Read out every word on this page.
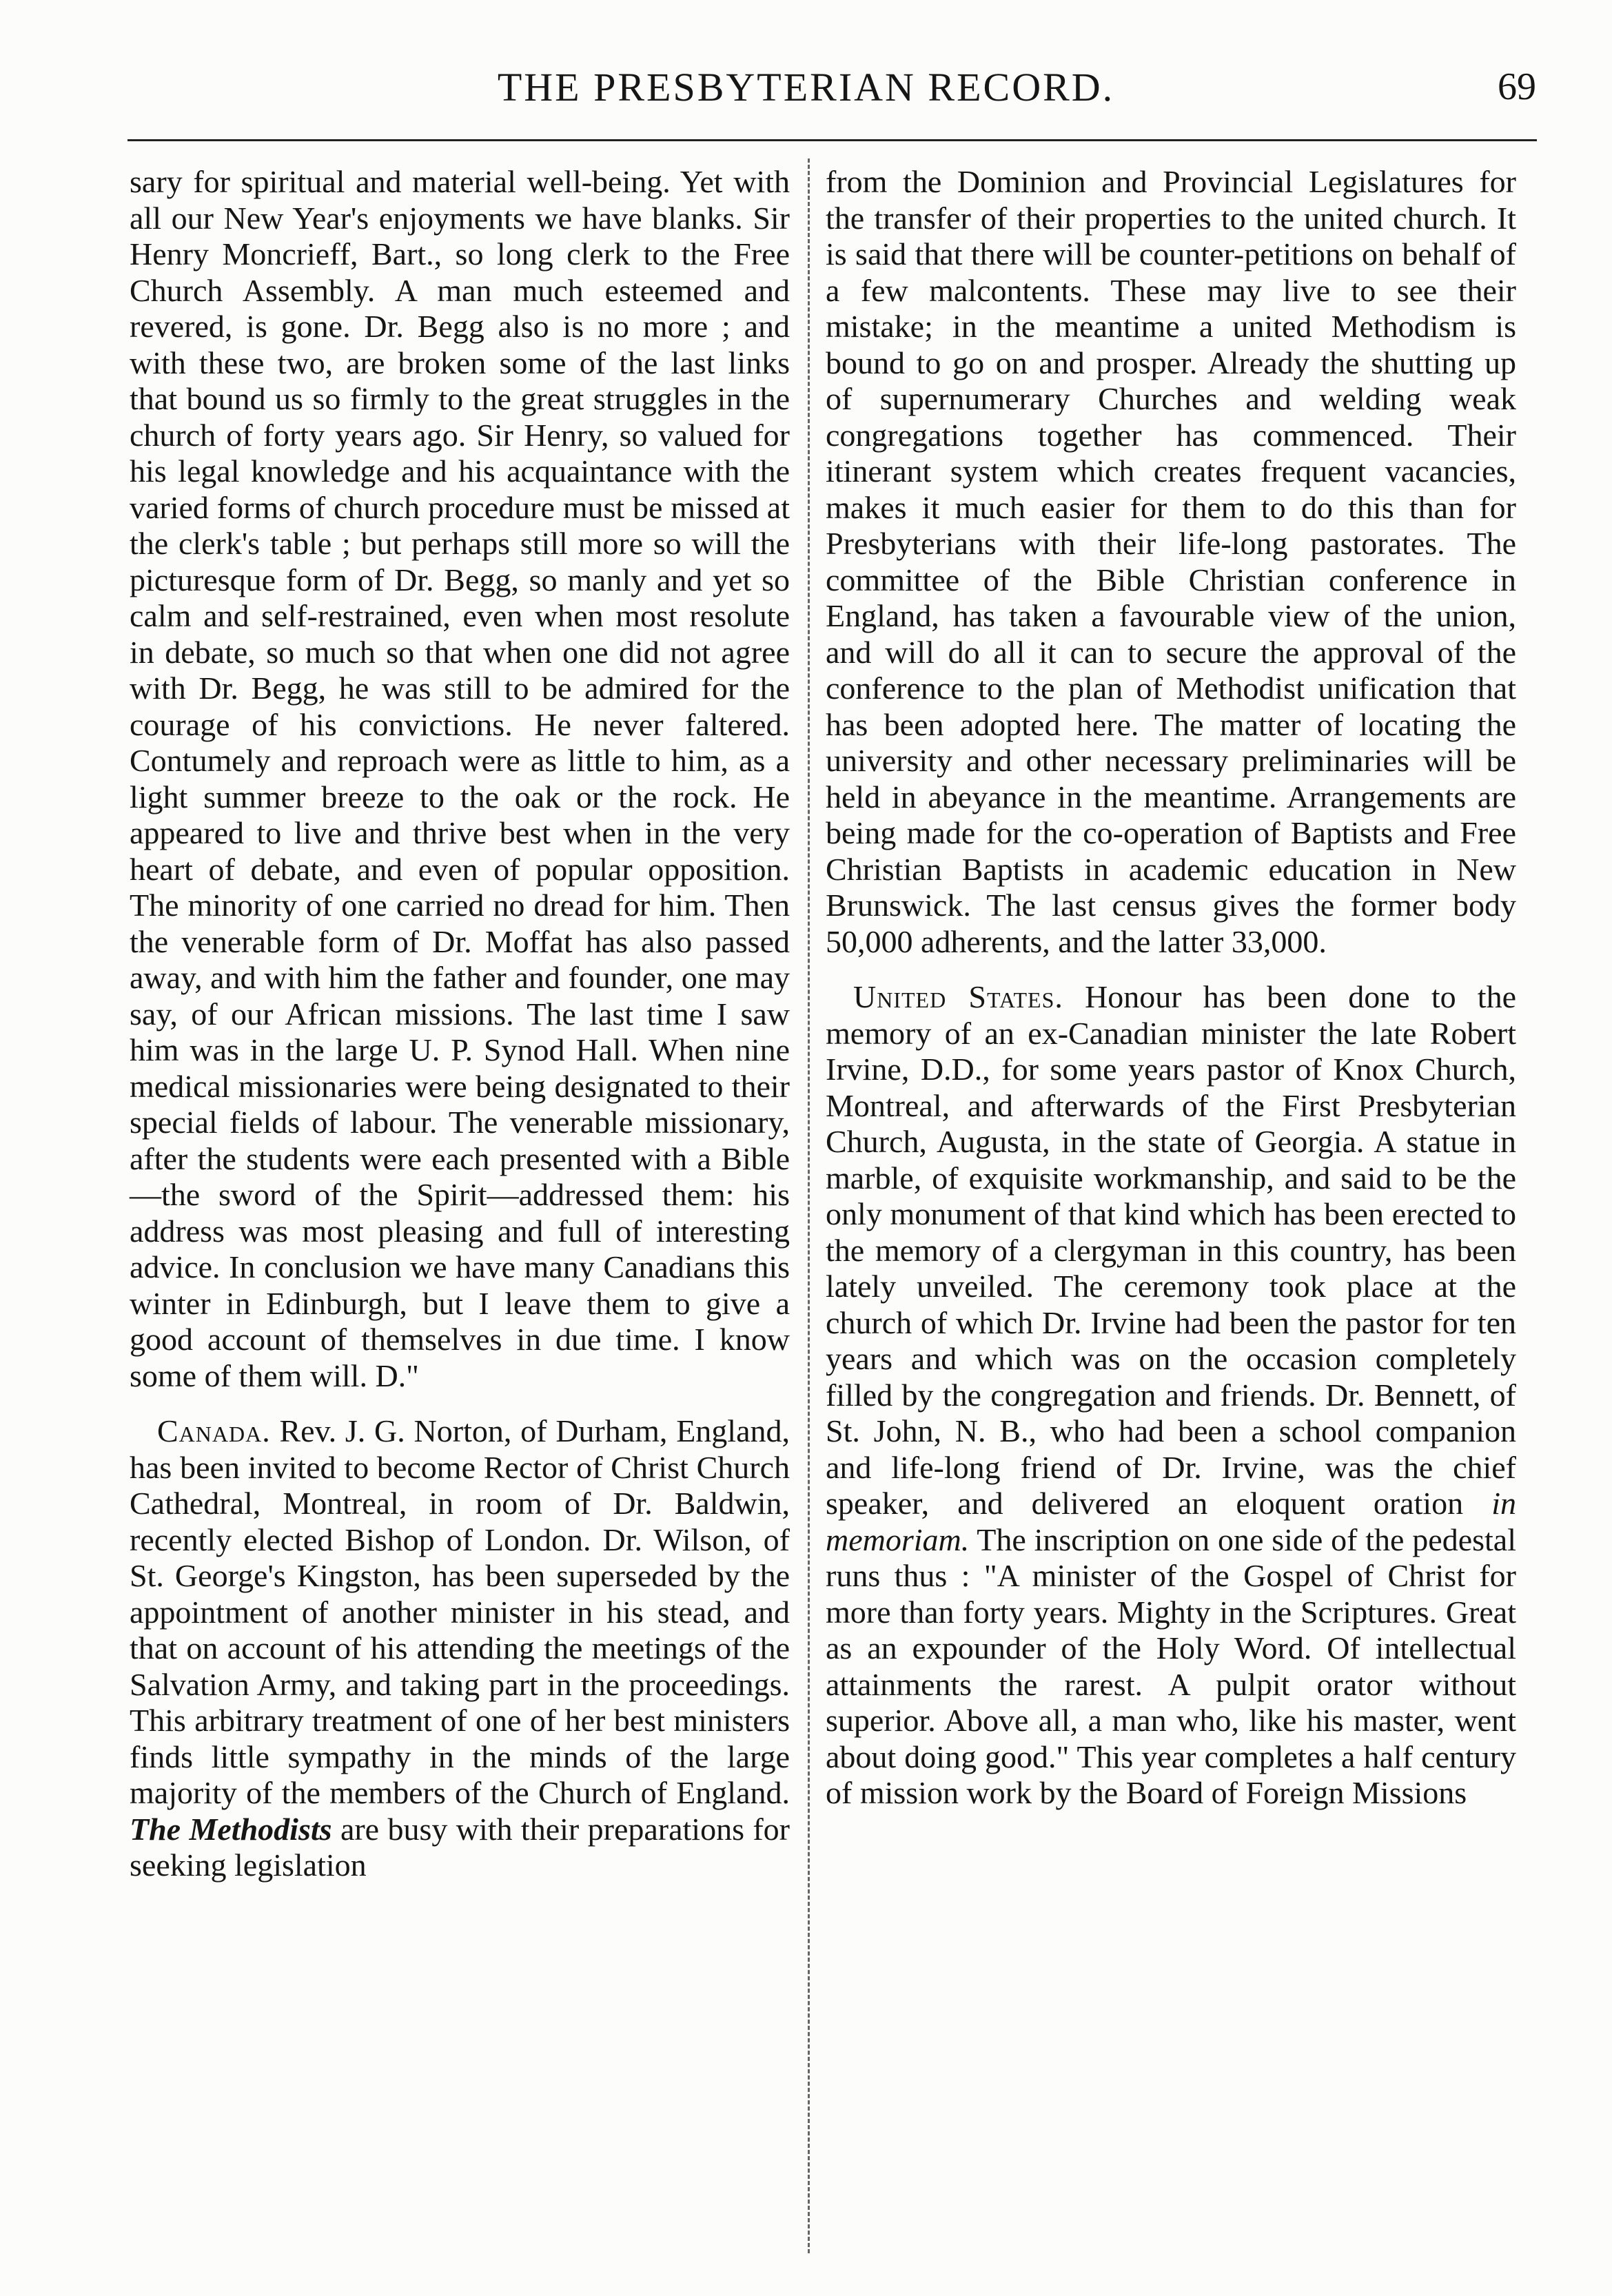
THE PRESBYTERIAN RECORD.	69

sary for spiritual and material well-being. Yet with all our New Year's enjoyments we have blanks. Sir Henry Moncrieff, Bart., so long clerk to the Free Church Assembly. A man much esteemed and revered, is gone. Dr. Begg also is no more ; and with these two, are broken some of the last links that bound us so firmly to the great struggles in the church of forty years ago. Sir Henry, so valued for his legal knowledge and his acquaintance with the varied forms of church procedure must be missed at the clerk's table ; but perhaps still more so will the picturesque form of Dr. Begg, so manly and yet so calm and self-restrained, even when most resolute in debate, so much so that when one did not agree with Dr. Begg, he was still to be admired for the courage of his convictions. He never faltered. Contumely and reproach were as little to him, as a light summer breeze to the oak or the rock. He appeared to live and thrive best when in the very heart of debate, and even of popular opposition. The minority of one carried no dread for him. Then the venerable form of Dr. Moffat has also passed away, and with him the father and founder, one may say, of our African missions. The last time I saw him was in the large U. P. Synod Hall. When nine medical missionaries were being designated to their special fields of labour. The venerable missionary, after the students were each presented with a Bible—the sword of the Spirit—addressed them: his address was most pleasing and full of interesting advice. In conclusion we have many Canadians this winter in Edinburgh, but I leave them to give a good account of themselves in due time. I know some of them will. D."

Canada. Rev. J. G. Norton, of Durham, England, has been invited to become Rector of Christ Church Cathedral, Montreal, in room of Dr. Baldwin, recently elected Bishop of London. Dr. Wilson, of St. George's Kingston, has been superseded by the appointment of another minister in his stead, and that on account of his attending the meetings of the Salvation Army, and taking part in the proceedings. This arbitrary treatment of one of her best ministers finds little sympathy in the minds of the large majority of the members of the Church of England. The Methodists are busy with their preparations for seeking legislation

from the Dominion and Provincial Legislatures for the transfer of their properties to the united church. It is said that there will be counter-petitions on behalf of a few malcontents. These may live to see their mistake; in the meantime a united Methodism is bound to go on and prosper. Already the shutting up of supernumerary Churches and welding weak congregations together has commenced. Their itinerant system which creates frequent vacancies, makes it much easier for them to do this than for Presbyterians with their life-long pastorates. The committee of the Bible Christian conference in England, has taken a favourable view of the union, and will do all it can to secure the approval of the conference to the plan of Methodist unification that has been adopted here. The matter of locating the university and other necessary preliminaries will be held in abeyance in the meantime. Arrangements are being made for the co-operation of Baptists and Free Christian Baptists in academic education in New Brunswick. The last census gives the former body 50,000 adherents, and the latter 33,000.

United States. Honour has been done to the memory of an ex-Canadian minister the late Robert Irvine, D.D., for some years pastor of Knox Church, Montreal, and afterwards of the First Presbyterian Church, Augusta, in the state of Georgia. A statue in marble, of exquisite workmanship, and said to be the only monument of that kind which has been erected to the memory of a clergyman in this country, has been lately unveiled. The ceremony took place at the church of which Dr. Irvine had been the pastor for ten years and which was on the occasion completely filled by the congregation and friends. Dr. Bennett, of St. John, N. B., who had been a school companion and life-long friend of Dr. Irvine, was the chief speaker, and delivered an eloquent oration in memoriam. The inscription on one side of the pedestal runs thus : "A minister of the Gospel of Christ for more than forty years. Mighty in the Scriptures. Great as an expounder of the Holy Word. Of intellectual attainments the rarest. A pulpit orator without superior. Above all, a man who, like his master, went about doing good." This year completes a half century of mission work by the Board of Foreign Missions
